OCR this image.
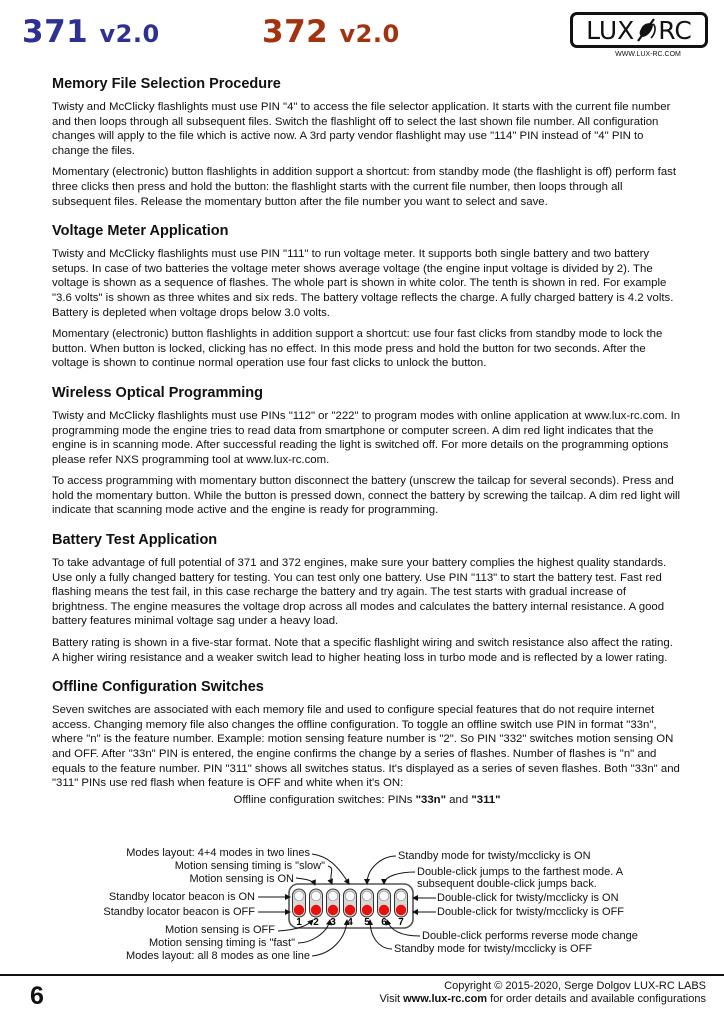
371 v2.0	372 v2.0	LUX RC
WWW.LUX-RC.COM
Memory File Selection Procedure

Twisty and McClicky flashlights must use PIN "4" to access the file selector application. It starts with the current file number and then loops through all subsequent files. Switch the flashlight off to select the last shown file number. All configuration changes will apply to the file which is active now. A 3rd party vendor flashlight may use "114" PIN instead of "4" PIN to change the files.

Momentary (electronic) button flashlights in addition support a shortcut: from standby mode (the flashlight is off) perform fast three clicks then press and hold the button: the flashlight starts with the current file number, then loops through all subsequent files. Release the momentary button after the file number you want to select and save.

Voltage Meter Application

Twisty and McClicky flashlights must use PIN "111" to run voltage meter. It supports both single battery and two battery setups. In case of two batteries the voltage meter shows average voltage (the engine input voltage is divided by 2). The voltage is shown as a sequence of flashes. The whole part is shown in white color. The tenth is shown in red. For example "3.6 volts" is shown as three whites and six reds. The battery voltage reflects the charge. A fully charged battery is 4.2 volts. Battery is depleted when voltage drops below 3.0 volts.

Momentary (electronic) button flashlights in addition support a shortcut: use four fast clicks from standby mode to lock the button. When button is locked, clicking has no effect. In this mode press and hold the button for two seconds. After the voltage is shown to continue normal operation use four fast clicks to unlock the button.

Wireless Optical Programming

Twisty and McClicky flashlights must use PINs "112" or "222" to program modes with online application at www.lux-rc.com. In programming mode the engine tries to read data from smartphone or computer screen. A dim red light indicates that the engine is in scanning mode. After successful reading the light is switched off. For more details on the programming options please refer NXS programming tool at www.lux-rc.com.

To access programming with momentary button disconnect the battery (unscrew the tailcap for several seconds). Press and hold the momentary button. While the button is pressed down, connect the battery by screwing the tailcap. A dim red light will indicate that scanning mode active and the engine is ready for programming.

Battery Test Application

To take advantage of full potential of 371 and 372 engines, make sure your battery complies the highest quality standards. Use only a fully changed battery for testing. You can test only one battery. Use PIN "113" to start the battery test. Fast red flashing means the test fail, in this case recharge the battery and try again. The test starts with gradual increase of brightness. The engine measures the voltage drop across all modes and calculates the battery internal resistance. A good battery features minimal voltage sag under a heavy load.

Battery rating is shown in a five-star format. Note that a specific flashlight wiring and switch resistance also affect the rating. A higher wiring resistance and a weaker switch lead to higher heating loss in turbo mode and is reflected by a lower rating.

Offline Configuration Switches

Seven switches are associated with each memory file and used to configure special features that do not require internet access. Changing memory file also changes the offline configuration. To toggle an offline switch use PIN in format "33n", where "n" is the feature number. Example: motion sensing feature number is "2". So PIN "332" switches motion sensing ON and OFF. After "33n" PIN is entered, the engine confirms the change by a series of flashes. Number of flashes is "n" and equals to the feature number. PIN "311" shows all switches status. It's displayed as a series of seven flashes. Both "33n" and "311" PINs use red flash when feature is OFF and white when it's ON:

Offline configuration switches: PINs "33n" and "311"
1 2 3 4 5 6 7
Modes layout: 4+4 modes in two lines
Motion sensing timing is "slow"
Motion sensing is ON
Standby locator beacon is ON
Standby locator beacon is OFF
Motion sensing is OFF
Motion sensing timing is "fast"
Modes layout: all 8 modes as one line
Standby mode for twisty/mcclicky is ON
Double-click jumps to the farthest mode. A
subsequent double-click jumps back.
Double-click for twisty/mcclicky is ON
Double-click for twisty/mcclicky is OFF
Double-click performs reverse mode change
Standby mode for twisty/mcclicky is OFF
6	Copyright © 2015-2020, Serge Dolgov LUX-RC LABS
Visit www.lux-rc.com for order details and available configurations
